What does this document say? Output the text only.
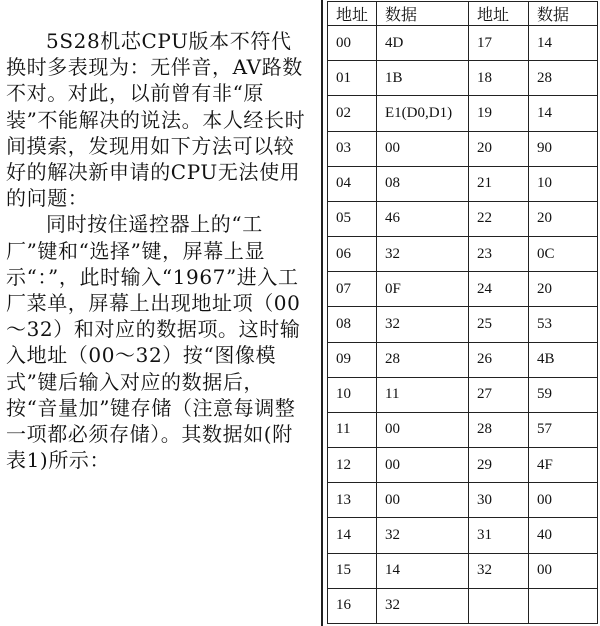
5S28机芯CPU版本不符代换时多表现为：无伴音，AV路数不对。对此，以前曾有非“原装”不能解决的说法。本人经长时间摸索，发现用如下方法可以较好的解决新申请的CPU无法使用的问题：

同时按住遥控器上的“工厂”键和“选择”键，屏幕上显示“：”，此时输入“1967”进入工厂菜单，屏幕上出现地址项（00～32）和对应的数据项。这时输入地址（00～32）按“图像模式”键后输入对应的数据后，按“音量加”键存储（注意每调整一项都必须存储）。其数据如(附表1)所示：

地址	数据	地址	数据
00	4D	17	14
01	1B	18	28
02	E1(D0,D1)	19	14
03	00	20	90
04	08	21	10
05	46	22	20
06	32	23	0C
07	0F	24	20
08	32	25	53
09	28	26	4B
10	11	27	59
11	00	28	57
12	00	29	4F
13	00	30	00
14	32	31	40
15	14	32	00
16	32		
